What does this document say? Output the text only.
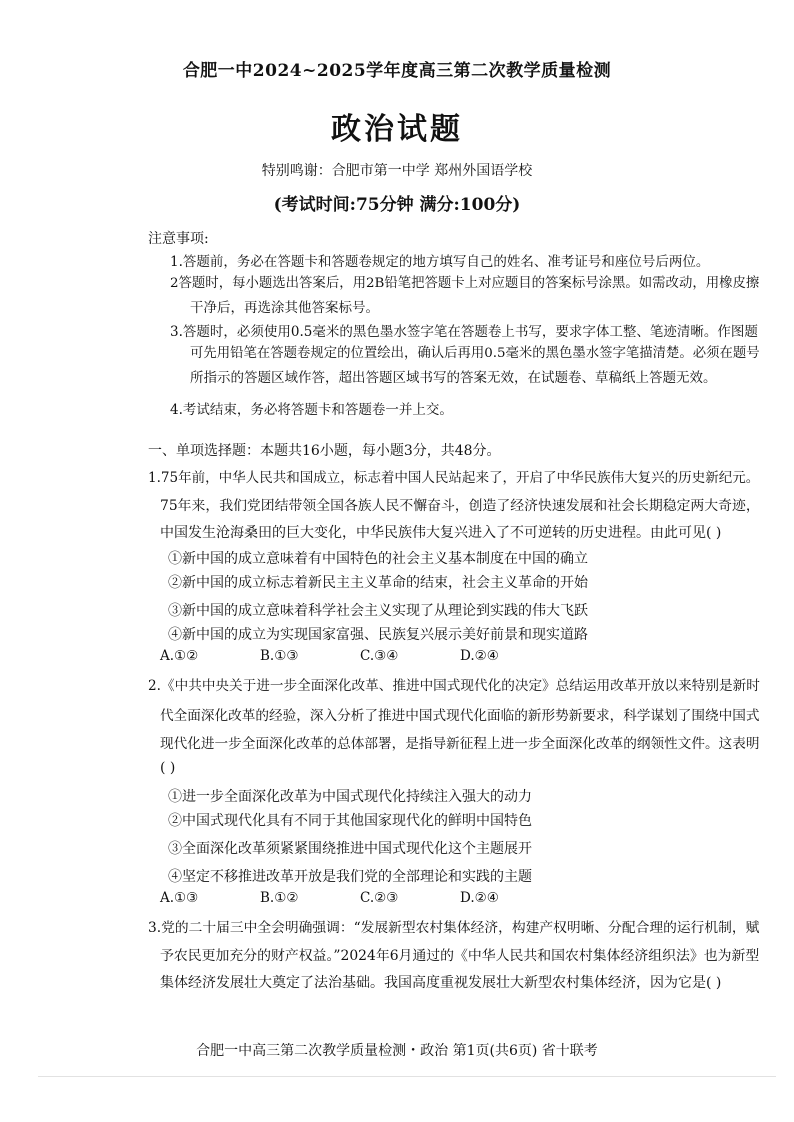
合肥一中2024~2025学年度高三第二次教学质量检测
政治试题
特别鸣谢：合肥市第一中学 郑州外国语学校
(考试时间:75分钟 满分:100分)
注意事项:
1.答题前，务必在答题卡和答题卷规定的地方填写自己的姓名、准考证号和座位号后两位。
2答题时，每小题选出答案后，用2B铅笔把答题卡上对应题目的答案标号涂黑。如需改动，用橡皮擦
干净后，再选涂其他答案标号。
3.答题时，必须使用0.5毫米的黑色墨水签字笔在答题卷上书写，要求字体工整、笔迹清晰。作图题
可先用铅笔在答题卷规定的位置绘出，确认后再用0.5毫米的黑色墨水签字笔描清楚。必须在题号
所指示的答题区域作答，超出答题区域书写的答案无效，在试题卷、草稿纸上答题无效。
4.考试结束，务必将答题卡和答题卷一并上交。
一、单项选择题：本题共16小题，每小题3分，共48分。
1.75年前，中华人民共和国成立，标志着中国人民站起来了，开启了中华民族伟大复兴的历史新纪元。
75年来，我们党团结带领全国各族人民不懈奋斗，创造了经济快速发展和社会长期稳定两大奇迹，
中国发生沧海桑田的巨大变化，中华民族伟大复兴进入了不可逆转的历史进程。由此可见( )
①新中国的成立意味着有中国特色的社会主义基本制度在中国的确立
②新中国的成立标志着新民主主义革命的结束，社会主义革命的开始
③新中国的成立意味着科学社会主义实现了从理论到实践的伟大飞跃
④新中国的成立为实现国家富强、民族复兴展示美好前景和现实道路
A.①②	B.①③	C.③④	D.②④
2.《中共中央关于进一步全面深化改革、推进中国式现代化的决定》总结运用改革开放以来特别是新时
代全面深化改革的经验，深入分析了推进中国式现代化面临的新形势新要求，科学谋划了围绕中国式
现代化进一步全面深化改革的总体部署，是指导新征程上进一步全面深化改革的纲领性文件。这表明
( )
①进一步全面深化改革为中国式现代化持续注入强大的动力
②中国式现代化具有不同于其他国家现代化的鲜明中国特色
③全面深化改革须紧紧围绕推进中国式现代化这个主题展开
④坚定不移推进改革开放是我们党的全部理论和实践的主题
A.①③	B.①②	C.②③	D.②④
3.党的二十届三中全会明确强调：“发展新型农村集体经济，构建产权明晰、分配合理的运行机制，赋
予农民更加充分的财产权益。”2024年6月通过的《中华人民共和国农村集体经济组织法》也为新型
集体经济发展壮大奠定了法治基础。我国高度重视发展壮大新型农村集体经济，因为它是( )
合肥一中高三第二次教学质量检测・政治 第1页(共6页) 省十联考
